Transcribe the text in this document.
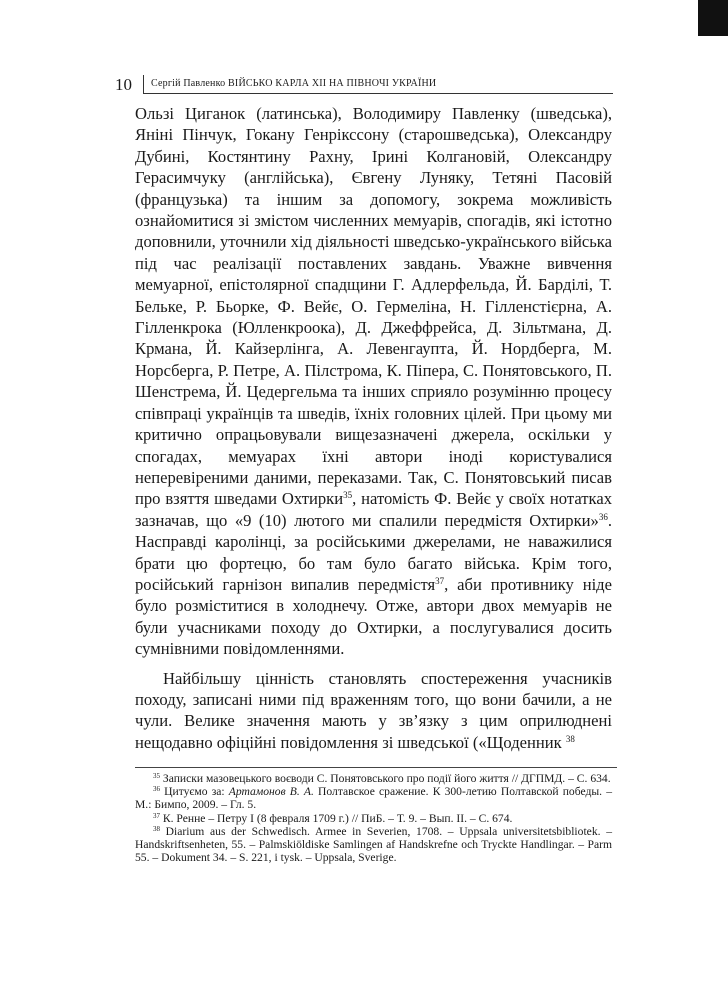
10	Сергій Павленко ВІЙСЬКО КАРЛА ХІІ НА ПІВНОЧІ УКРАЇНИ

Ользі Циганок (латинська), Володимиру Павленку (шведська), Яніні Пінчук, Гокану Генріксcону (старошведська), Олександру Дубині, Костянтину Рахну, Ірині Колгановій, Олександру Герасимчуку (англійська), Євгену Луняку, Тетяні Пасовій (французька) та іншим за допомогу, зокрема можливість ознайомитися зі змістом численних мемуарів, спогадів, які істотно доповнили, уточнили хід діяльності шведсько-українського війська під час реалізації поставлених завдань. Уважне вивчення мемуарної, епістолярної спадщини Г. Адлерфельда, Й. Барділі, Т. Бельке, Р. Бьорке, Ф. Вейє, О. Гермеліна, Н. Гілленстієрна, А. Гілленкрока (Юлленкроока), Д. Джеффрейса, Д. Зільтмана, Д. Крмана, Й. Кайзерлінга, А. Левенгаупта, Й. Нордберга, М. Норсберга, Р. Петре, А. Пілстрома, К. Піпера, С. Понятовського, П. Шенстрема, Й. Цедергельма та інших сприяло розумінню процесу співпраці українців та шведів, їхніх головних цілей. При цьому ми критично опрацьовували вищезазначені джерела, оскільки у спогадах, мемуарах їхні автори іноді користувалися неперевіреними даними, переказами. Так, С. Понятовський писав про взяття шведами Охтирки$^{35}$, натомість Ф. Вейє у своїх нотатках зазначав, що «9 (10) лютого ми спалили передмістя Охтирки»$^{36}$. Насправді каролінці, за російськими джерелами, не наважилися брати цю фортецю, бо там було багато війська. Крім того, російський гарнізон випалив передмістя$^{37}$, аби противнику ніде було розміститися в холоднечу. Отже, автори двох мемуарів не були учасниками походу до Охтирки, а послугувалися досить сумнівними повідомленнями.

Найбільшу цінність становлять спостереження учасників походу, записані ними під враженням того, що вони бачили, а не чули. Велике значення мають у зв’язку з цим оприлюднені нещодавно офіційні повідомлення зі шведської («Щоденник $^{38}$

$^{35}$ Записки мазовецького воєводи С. Понятовського про події його життя // ДГПМД. – С. 634.

$^{36}$ Цитуємо за: Артамонов В. А. Полтавское сражение. К 300-летию Полтавской победы. – М.: Бимпо, 2009. – Гл. 5.

$^{37}$ К. Ренне – Петру I (8 февраля 1709 г.) // ПиБ. – Т. 9. – Вып. II. – С. 674.

$^{38}$ Diarium aus der Schwedisch. Armee in Severien, 1708. – Uppsala universitetsbibliotek. – Handskriftsenheten, 55. – Palmskiöldiske Samlingen af Handskrefne och Tryckte Handlingar. – Parm 55. – Dokument 34. – S. 221, i tysk. – Uppsala, Sverige.
